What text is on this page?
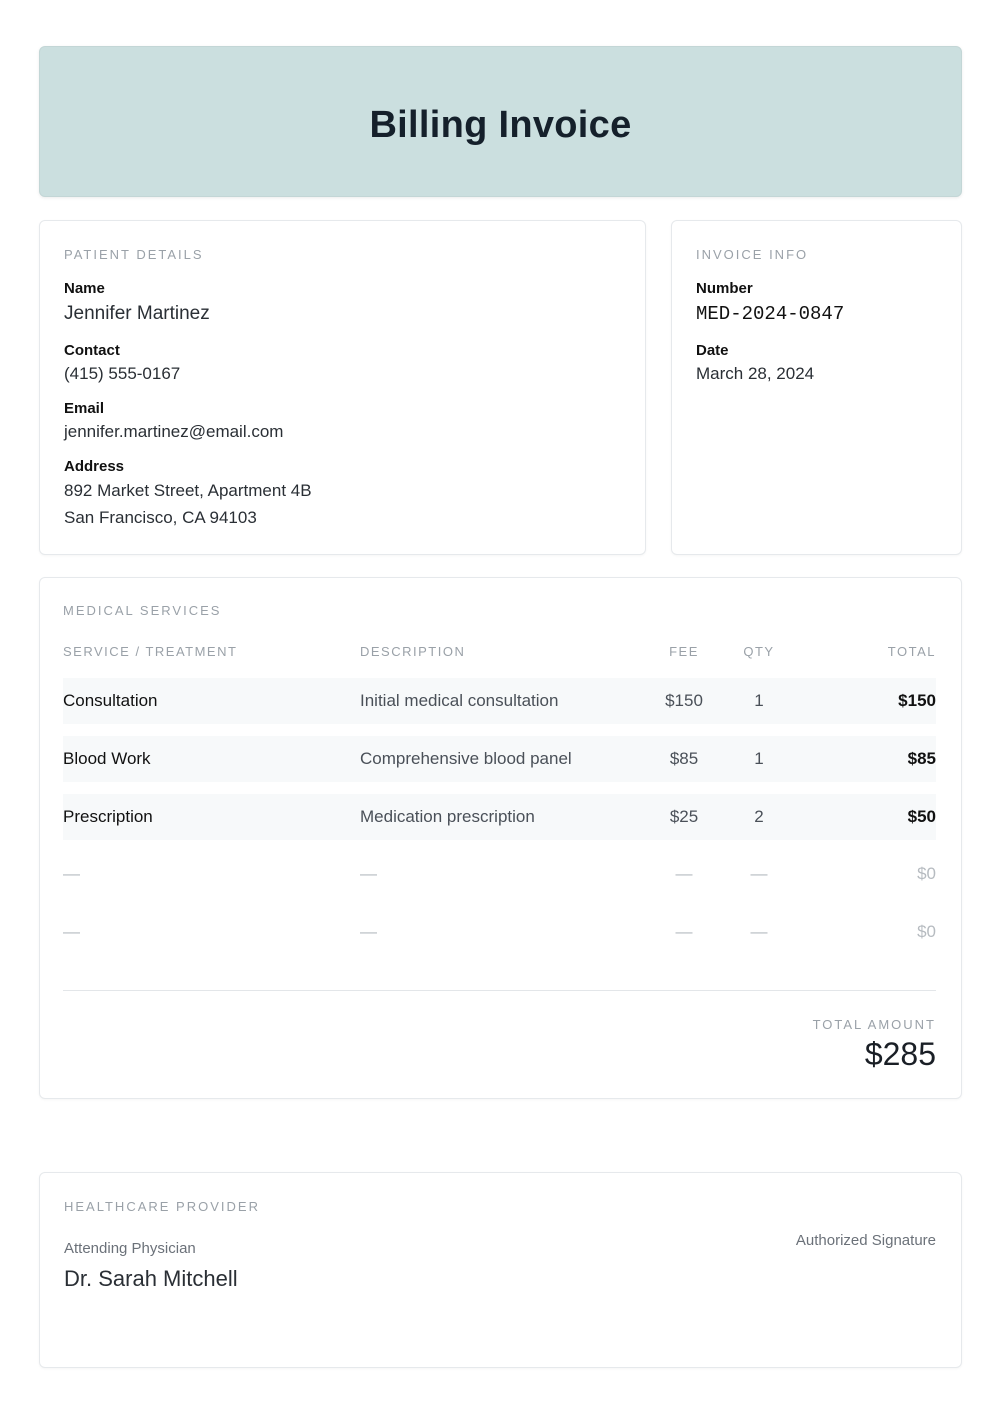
Billing Invoice
PATIENT DETAILS
Name
Jennifer Martinez
Contact
(415) 555-0167
Email
jennifer.martinez@email.com
Address
892 Market Street, Apartment 4B
San Francisco, CA 94103
INVOICE INFO
Number
MED-2024-0847
Date
March 28, 2024
MEDICAL SERVICES
SERVICE / TREATMENT	DESCRIPTION	FEE	QTY	TOTAL
Consultation	Initial medical consultation	$150	1	$150
Blood Work	Comprehensive blood panel	$85	1	$85
Prescription	Medication prescription	$25	2	$50
—	—	—	—	$0
—	—	—	—	$0
TOTAL AMOUNT
$285
HEALTHCARE PROVIDER
Attending Physician
Dr. Sarah Mitchell
Authorized Signature
